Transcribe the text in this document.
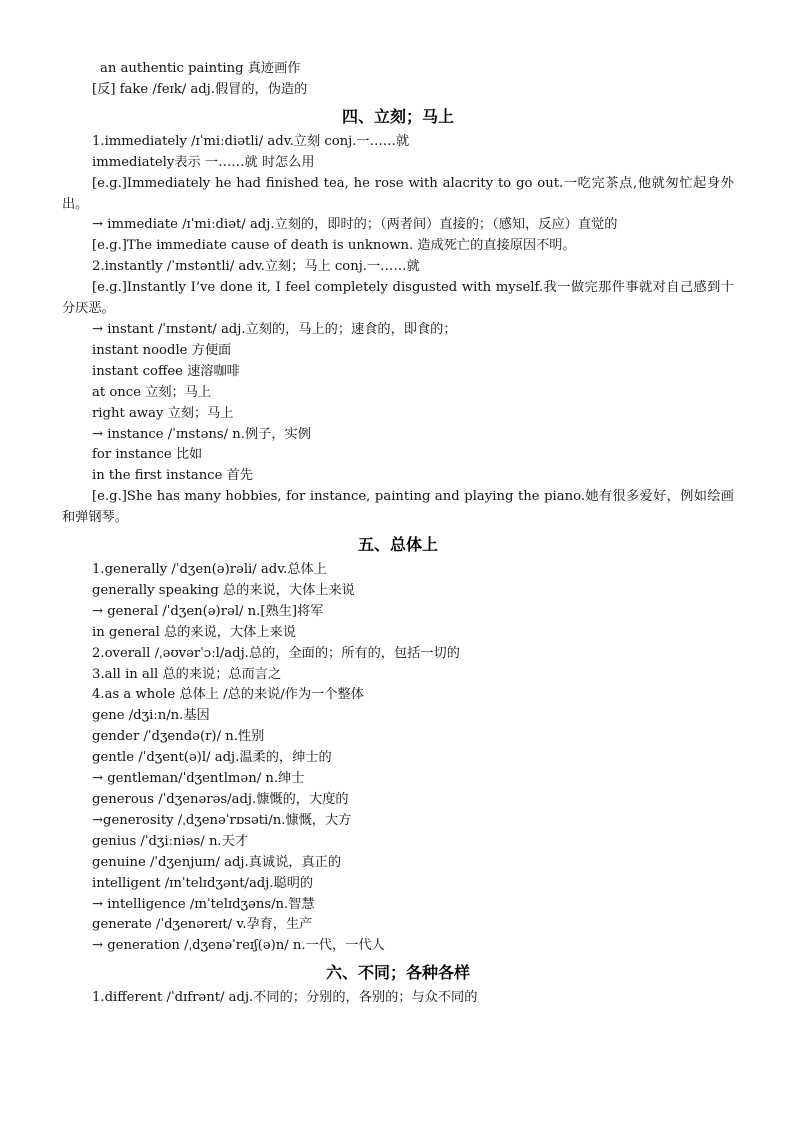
an authentic painting 真迹画作
[反] fake /feɪk/ adj.假冒的，伪造的
四、立刻；马上
1.immediately /ɪˈmiːdiətli/ adv.立刻 conj.一……就
immediately表示 一……就 时怎么用
[e.g.]Immediately he had finished tea, he rose with alacrity to go out.一吃完茶点,他就匆忙起身外出。
→ immediate /ɪˈmiːdiət/ adj.立刻的，即时的；（两者间）直接的；（感知，反应）直觉的
[e.g.]The immediate cause of death is unknown. 造成死亡的直接原因不明。
2.instantly /ˈɪnstəntli/ adv.立刻；马上 conj.一……就
[e.g.]Instantly I’ve done it, I feel completely disgusted with myself.我一做完那件事就对自己感到十分厌恶。
→ instant /ˈɪnstənt/ adj.立刻的，马上的；速食的，即食的；
instant noodle 方便面
instant coffee 速溶咖啡
at once 立刻；马上
right away 立刻；马上
→ instance /ˈɪnstəns/ n.例子，实例
for instance 比如
in the first instance 首先
[e.g.]She has many hobbies, for instance, painting and playing the piano.她有很多爱好，例如绘画和弹钢琴。
五、总体上
1.generally /ˈdʒen(ə)rəli/ adv.总体上
generally speaking 总的来说，大体上来说
→ general /ˈdʒen(ə)rəl/ n.[熟生]将军
in general 总的来说，大体上来说
2.overall /ˌəʊvərˈɔːl/adj.总的，全面的；所有的，包括一切的
3.all in all 总的来说；总而言之
4.as a whole 总体上 /总的来说/作为一个整体
gene /dʒiːn/n.基因
gender /ˈdʒendə(r)/ n.性别
gentle /ˈdʒent(ə)l/ adj.温柔的，绅士的
→ gentleman/ˈdʒentlmən/ n.绅士
generous /ˈdʒenərəs/adj.慷慨的，大度的
→generosity /ˌdʒenəˈrɒsəti/n.慷慨，大方
genius /ˈdʒiːniəs/ n.天才
genuine /ˈdʒenjuɪn/ adj.真诚说，真正的
intelligent /ɪnˈtelɪdʒənt/adj.聪明的
→ intelligence /ɪnˈtelɪdʒəns/n.智慧
generate /ˈdʒenəreɪt/ v.孕育，生产
→ generation /ˌdʒenəˈreɪʃ(ə)n/ n.一代，一代人
六、不同；各种各样
1.different /ˈdɪfrənt/ adj.不同的；分别的，各别的；与众不同的
